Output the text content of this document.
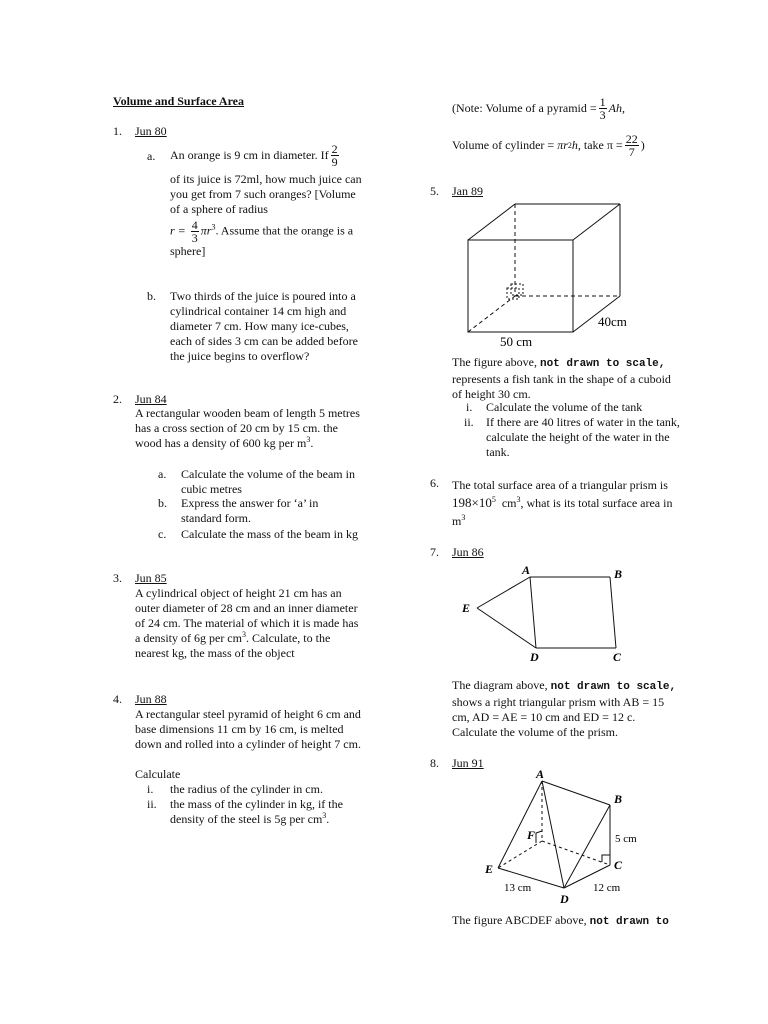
Volume and Surface Area
1. Jun 80
a. An orange is 9 cm in diameter. If $\frac{2}{9}$
of its juice is 72ml, how much juice can you get from 7 such oranges? [Volume of a sphere of radius
$r = \frac{4}{3} \pi r^3$. Assume that the orange is a sphere]
b. Two thirds of the juice is poured into a cylindrical container 14 cm high and diameter 7 cm. How many ice-cubes, each of sides 3 cm can be added before the juice begins to overflow?
2. Jun 84
A rectangular wooden beam of length 5 metres has a cross section of 20 cm by 15 cm. the wood has a density of 600 kg per $m^3$.
a. Calculate the volume of the beam in cubic metres
b. Express the answer for ‘a’ in standard form.
c. Calculate the mass of the beam in kg
3. Jun 85
A cylindrical object of height 21 cm has an outer diameter of 28 cm and an inner diameter of 24 cm. The material of which it is made has a density of 6g per $cm^3$. Calculate, to the nearest kg, the mass of the object
4. Jun 88
A rectangular steel pyramid of height 6 cm and base dimensions 11 cm by 16 cm, is melted down and rolled into a cylinder of height 7 cm.
Calculate
i. the radius of the cylinder in cm.
ii. the mass of the cylinder in kg, if the density of the steel is 5g per $cm^3$.
(Note: Volume of a pyramid = $\frac{1}{3} Ah$,
Volume of cylinder =
πr 2 h , take $\pi = \frac{22}{7}$ )
5. Jan 89
40cm
50 cm
The figure above, not drawn to scale, represents a fish tank in the shape of a cuboid of height 30 cm.
i. Calculate the volume of the tank
ii. If there are 40 litres of water in the tank, calculate the height of the water in the tank.
6. The total surface area of a triangular prism is $198\times 10^5$ $cm^3$, what is its total surface area in $m^3$
7. Jun 86
A	B
C
D
E
The diagram above, not drawn to scale, shows a right triangular prism with AB = 15 cm, AD = AE = 10 cm and ED = 12 c. Calculate the volume of the prism.
8. Jun 91
A
B
C
D
E
F	5 cm
13 cm	12 cm
The figure ABCDEF above, not drawn to
